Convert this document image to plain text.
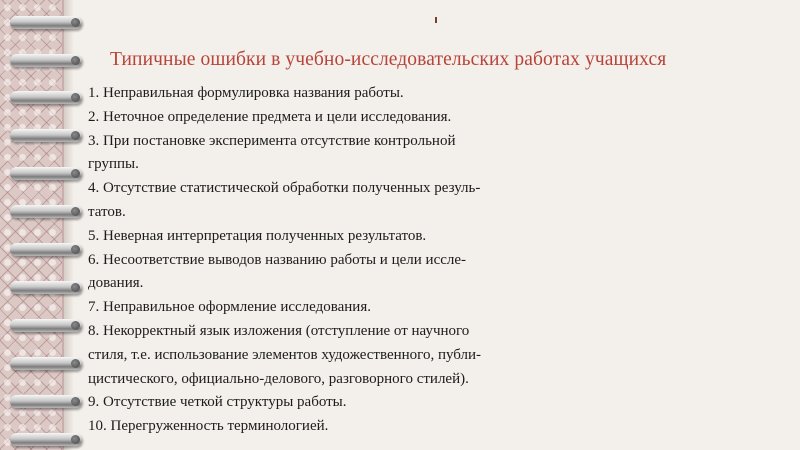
Типичные ошибки в учебно-исследовательских работах учащихся
1. Неправильная формулировка названия работы.
2. Неточное определение предмета и цели исследования.
3. При постановке эксперимента отсутствие контрольной
группы.
4. Отсутствие статистической обработки полученных резуль-
татов.
5. Неверная интерпретация полученных результатов.
6. Несоответствие выводов названию работы и цели иссле-
дования.
7. Неправильное оформление исследования.
8. Некорректный язык изложения (отступление от научного
стиля, т.е. использование элементов художественного, публи-
цистического, официально-делового, разговорного стилей).
9. Отсутствие четкой структуры работы.
10. Перегруженность терминологией.
